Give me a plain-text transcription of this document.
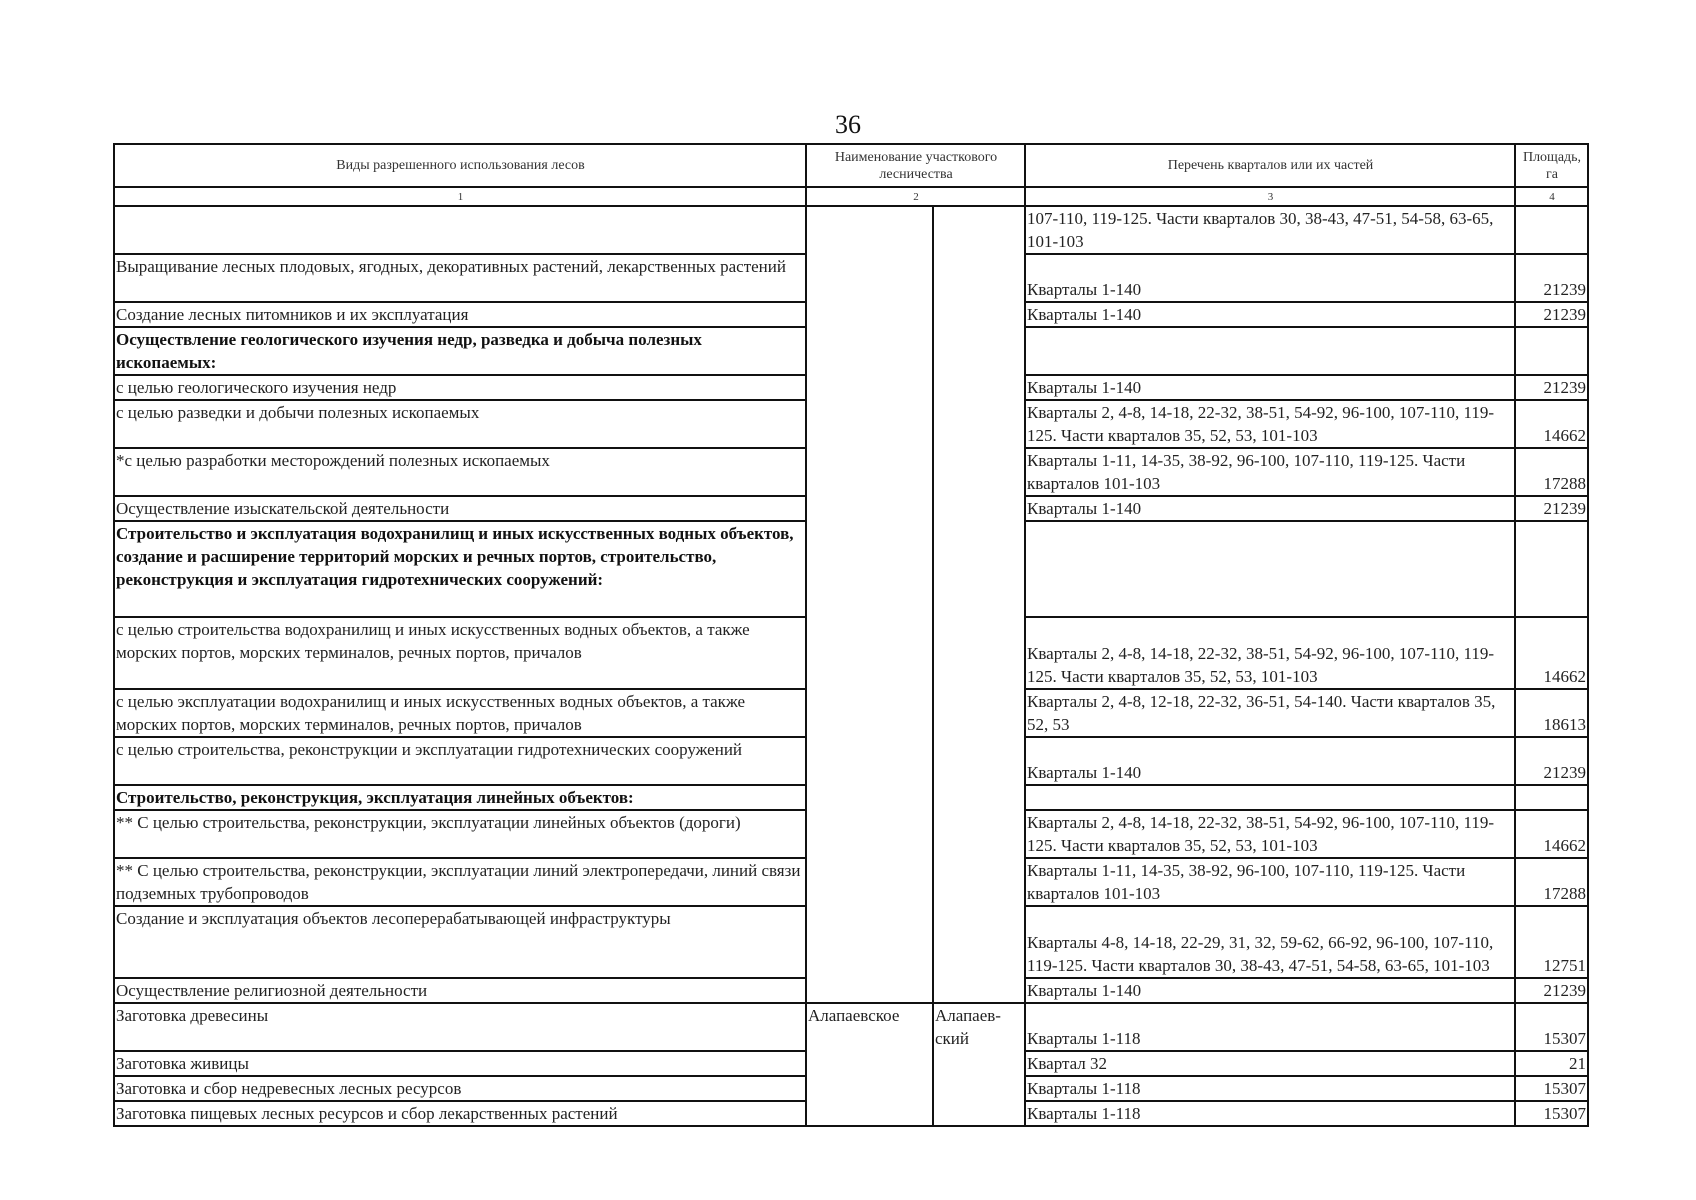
36
Виды разрешенного использования лесов	Наименование участкового лесничества		Перечень кварталов или их частей	Площадь, га
1	2		3	4
			107-110, 119-125. Части кварталов 30, 38-43, 47-51, 54-58, 63-65, 101-103	
Выращивание лесных плодовых, ягодных, декоративных растений, лекарственных растений			Кварталы 1-140	21239
Создание лесных питомников и их эксплуатация			Кварталы 1-140	21239
Осуществление геологического изучения недр, разведка и добыча полезных ископаемых:				
с целью геологического изучения недр			Кварталы 1-140	21239
с целью разведки и добычи полезных ископаемых			Кварталы 2, 4-8, 14-18, 22-32, 38-51, 54-92, 96-100, 107-110, 119-125. Части кварталов 35, 52, 53, 101-103	14662
*с целью разработки месторождений полезных ископаемых			Кварталы 1-11, 14-35, 38-92, 96-100, 107-110, 119-125. Части кварталов 101-103	17288
Осуществление изыскательской деятельности			Кварталы 1-140	21239
Строительство и эксплуатация водохранилищ и иных искусственных водных объектов, создание и расширение территорий морских и речных портов, строительство, реконструкция и эксплуатация гидротехнических сооружений:				
с целью строительства водохранилищ и иных искусственных водных объектов, а также морских портов, морских терминалов, речных портов, причалов			Кварталы 2, 4-8, 14-18, 22-32, 38-51, 54-92, 96-100, 107-110, 119-125. Части кварталов 35, 52, 53, 101-103	14662
с целью эксплуатации водохранилищ и иных искусственных водных объектов, а также морских портов, морских терминалов, речных портов, причалов			Кварталы 2, 4-8, 12-18, 22-32, 36-51, 54-140. Части кварталов 35, 52, 53	18613
с целью строительства, реконструкции и эксплуатации гидротехнических сооружений			Кварталы 1-140	21239
Строительство, реконструкция, эксплуатация линейных объектов:				
** С целью строительства, реконструкции, эксплуатации линейных объектов (дороги)			Кварталы 2, 4-8, 14-18, 22-32, 38-51, 54-92, 96-100, 107-110, 119-125. Части кварталов 35, 52, 53, 101-103	14662
** С целью строительства, реконструкции, эксплуатации линий электропередачи, линий связи подземных трубопроводов			Кварталы 1-11, 14-35, 38-92, 96-100, 107-110, 119-125. Части кварталов 101-103	17288
Создание и эксплуатация объектов лесоперерабатывающей инфраструктуры			Кварталы 4-8, 14-18, 22-29, 31, 32, 59-62, 66-92, 96-100, 107-110, 119-125. Части кварталов 30, 38-43, 47-51, 54-58, 63-65, 101-103	12751
Осуществление религиозной деятельности			Кварталы 1-140	21239
Заготовка древесины	Алапаевское	Алапаев-ский	Кварталы 1-118	15307
Заготовка живицы			Квартал 32	21
Заготовка и сбор недревесных лесных ресурсов			Кварталы 1-118	15307
Заготовка пищевых лесных ресурсов и сбор лекарственных растений			Кварталы 1-118	15307
